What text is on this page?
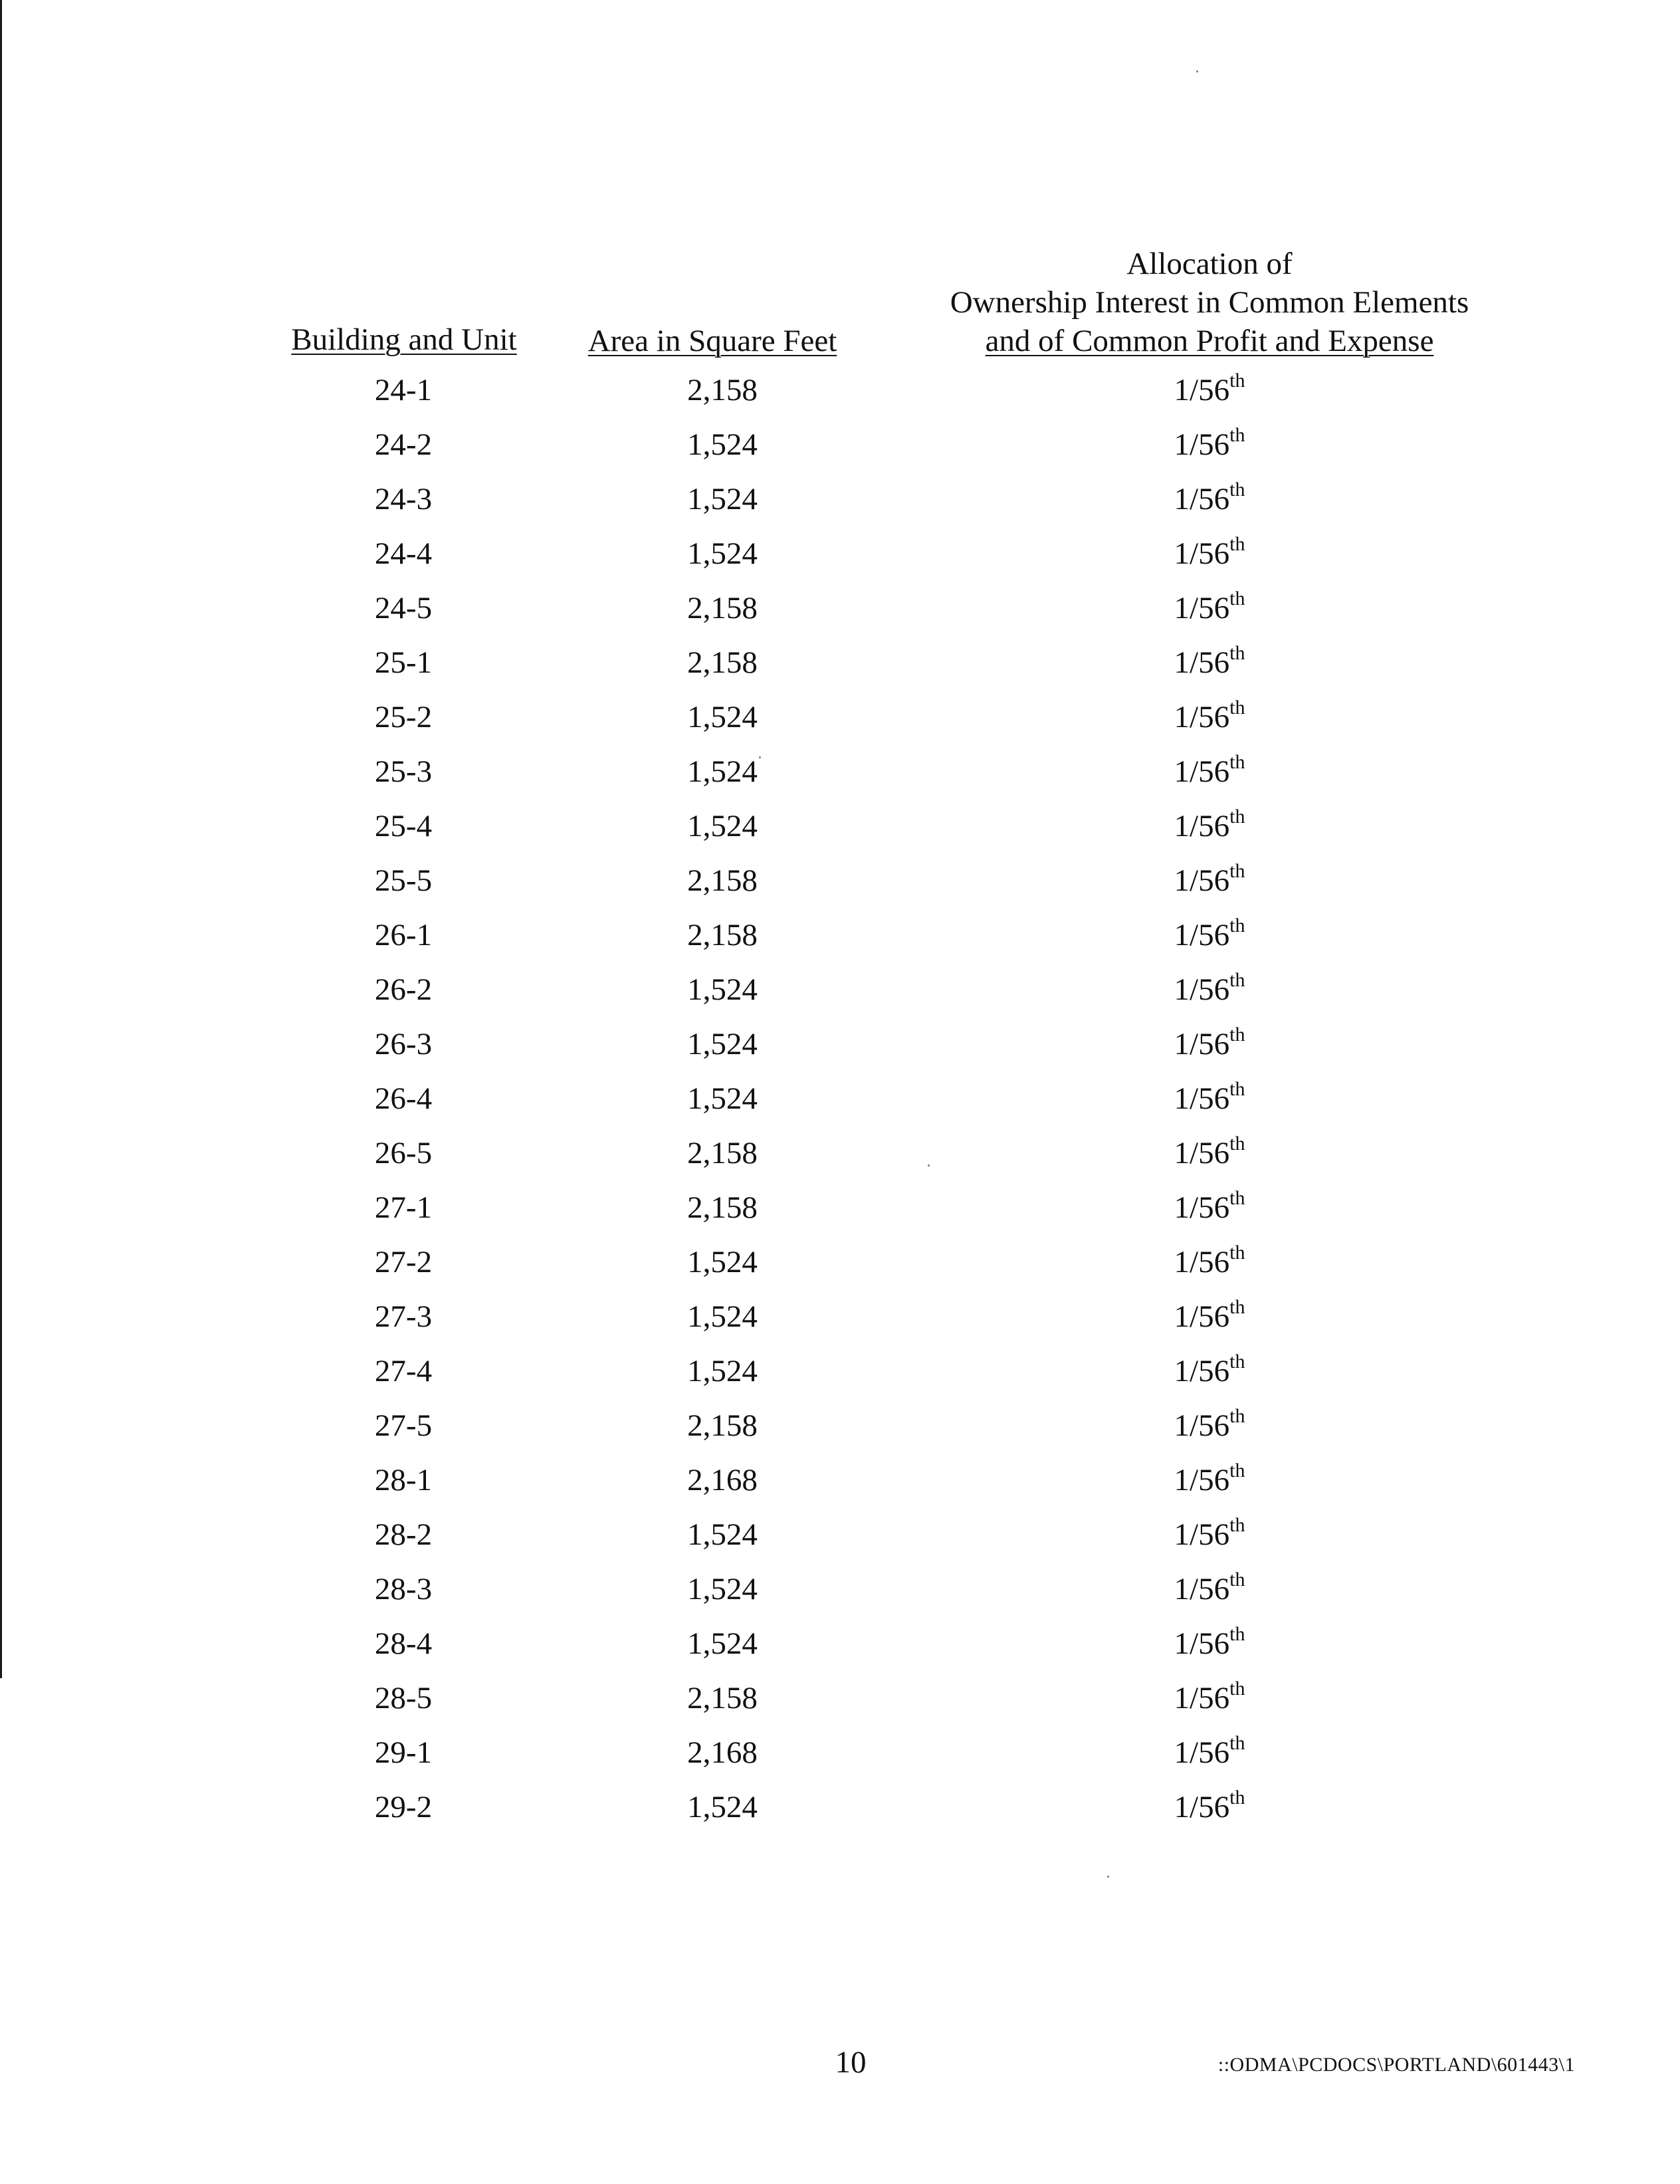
Building and Unit	Area in Square Feet
Allocation of
Ownership Interest in Common Elements
and of Common Profit and Expense
24-1	2,158	1/56th
24-2	1,524	1/56th
24-3	1,524	1/56th
24-4	1,524	1/56th
24-5	2,158	1/56th
25-1	2,158	1/56th
25-2	1,524	1/56th
25-3	1,524	1/56th
25-4	1,524	1/56th
25-5	2,158	1/56th
26-1	2,158	1/56th
26-2	1,524	1/56th
26-3	1,524	1/56th
26-4	1,524	1/56th
26-5	2,158	1/56th
27-1	2,158	1/56th
27-2	1,524	1/56th
27-3	1,524	1/56th
27-4	1,524	1/56th
27-5	2,158	1/56th
28-1	2,168	1/56th
28-2	1,524	1/56th
28-3	1,524	1/56th
28-4	1,524	1/56th
28-5	2,158	1/56th
29-1	2,168	1/56th
29-2	1,524	1/56th
10	::ODMA\PCDOCS\PORTLAND\601443\1
